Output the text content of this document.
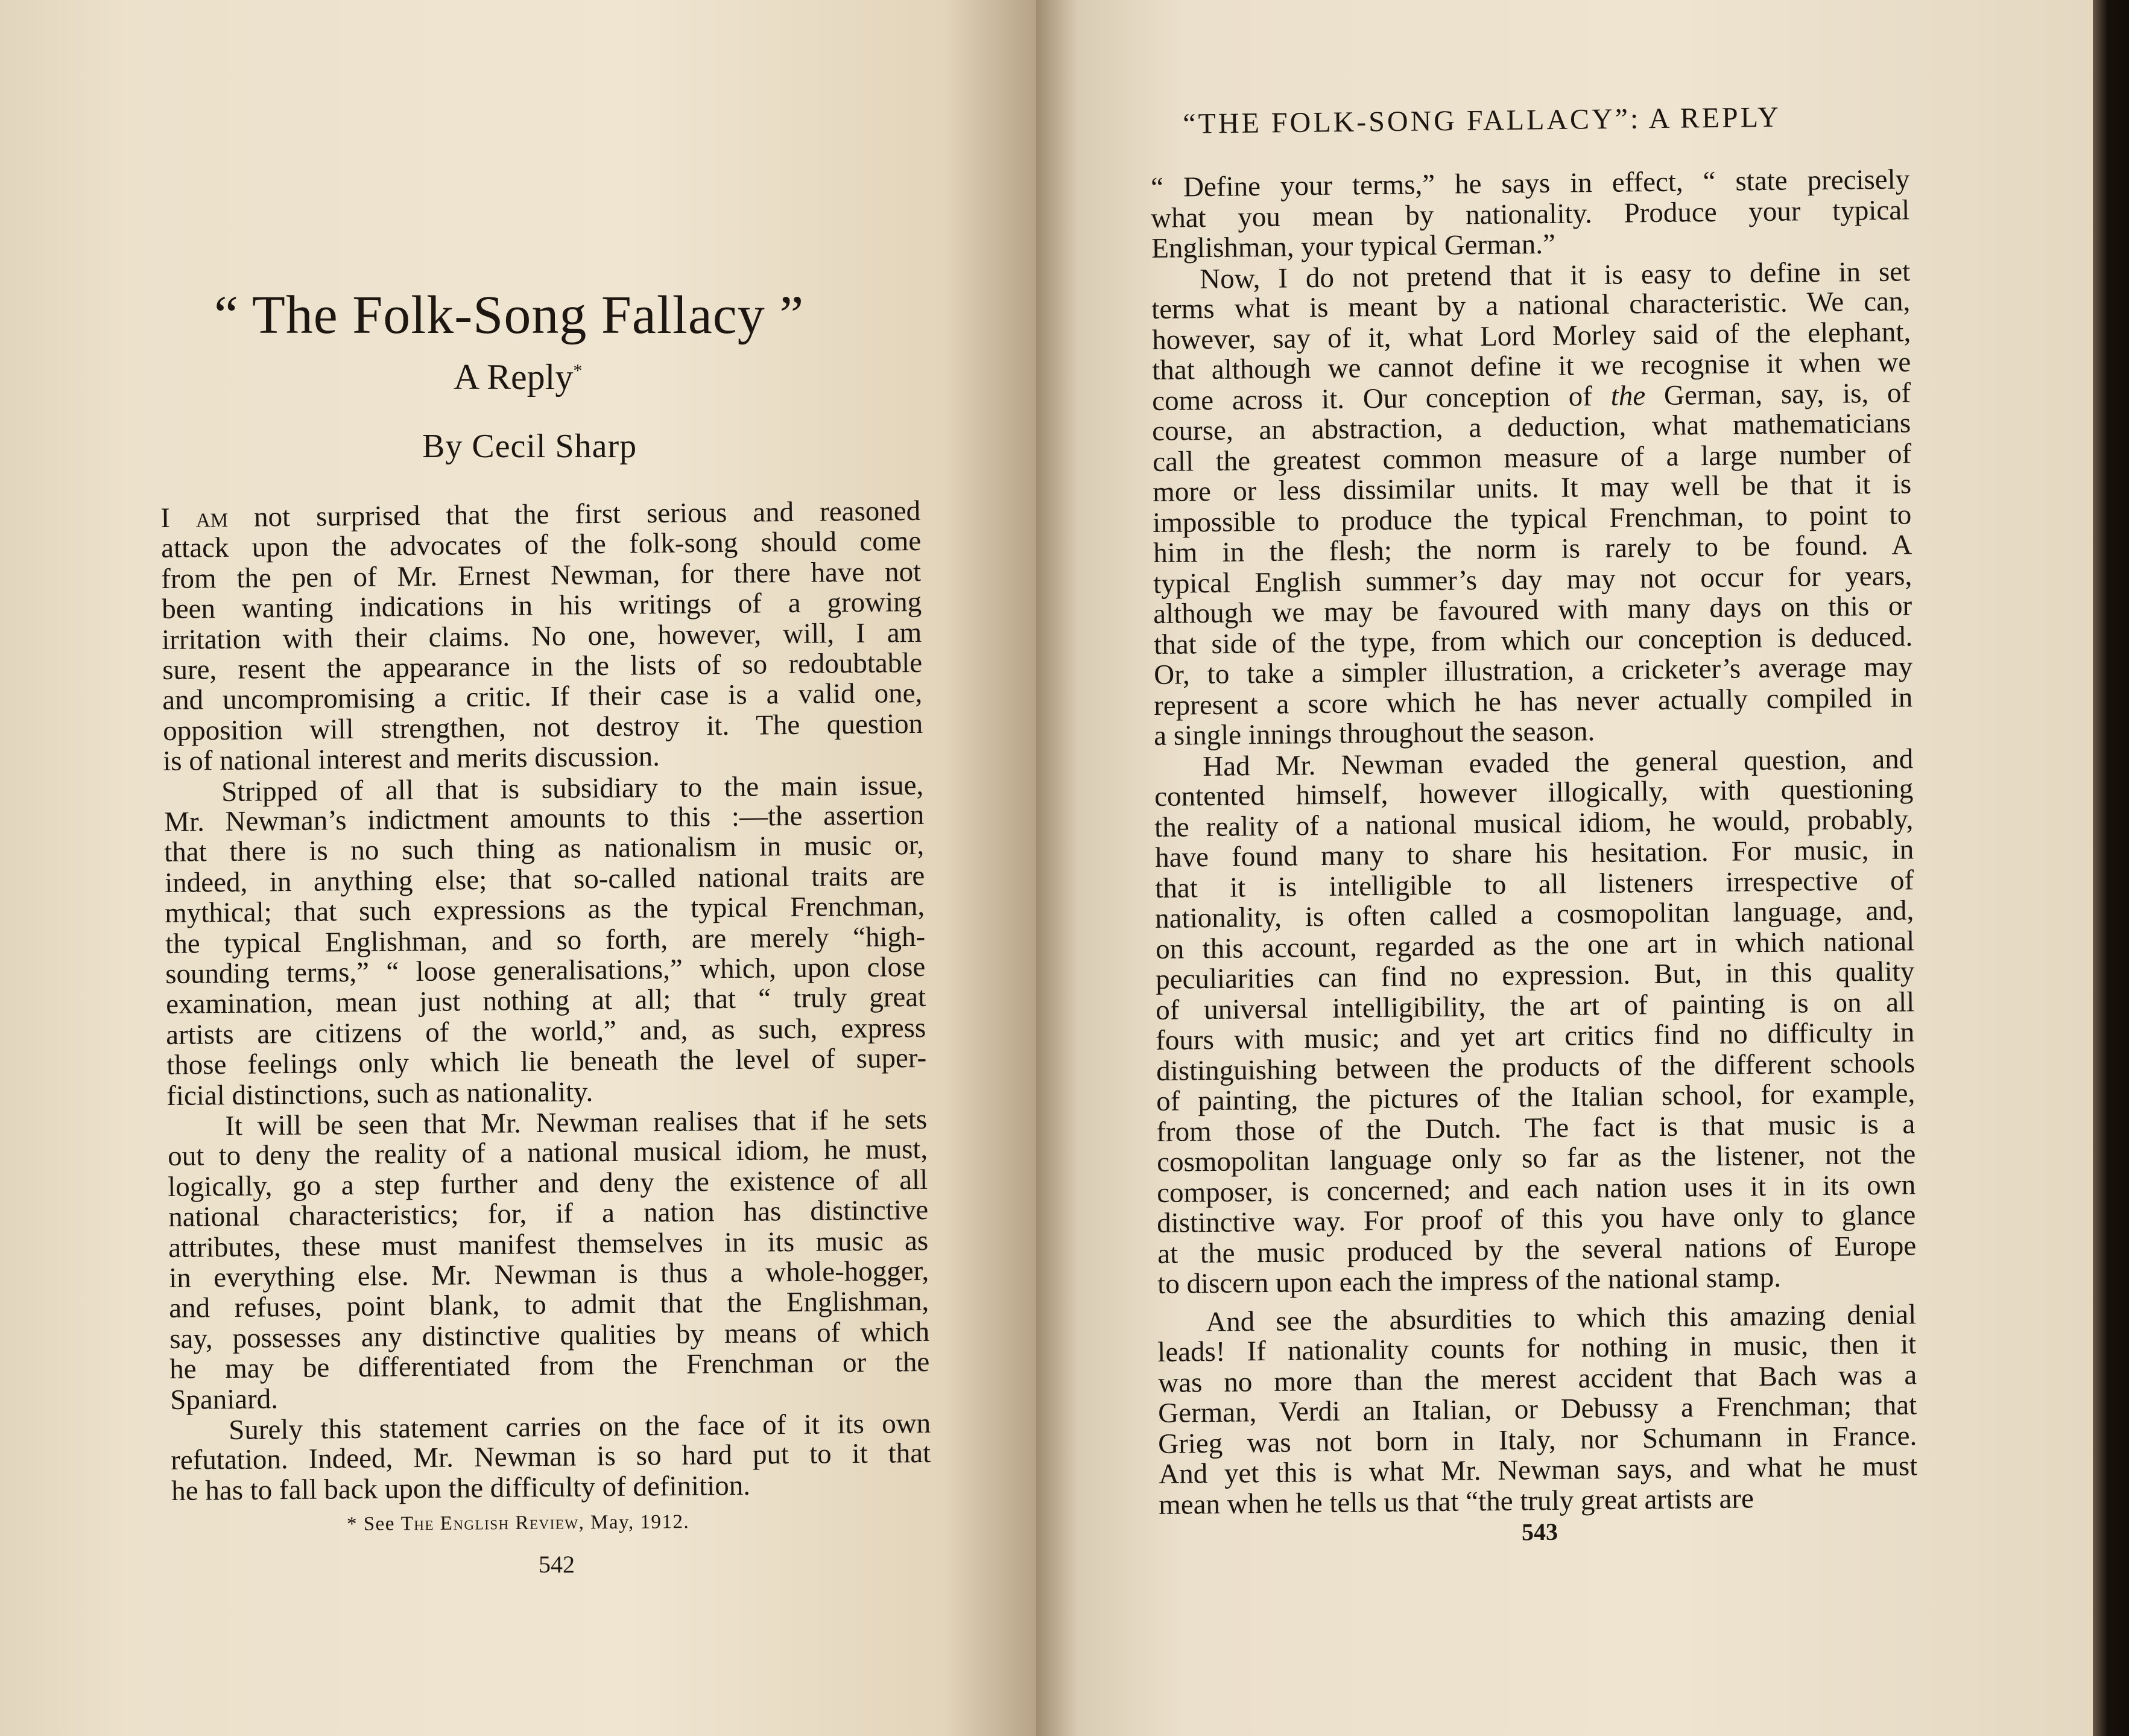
“ The Folk-Song Fallacy ”
A Reply*
By Cecil Sharp
I am not surprised that the first serious and reasoned
attack upon the advocates of the folk-song should come
from the pen of Mr. Ernest Newman, for there have not
been wanting indications in his writings of a growing
irritation with their claims. No one, however, will, I am
sure, resent the appearance in the lists of so redoubtable
and uncompromising a critic. If their case is a valid one,
opposition will strengthen, not destroy it. The question
is of national interest and merits discussion.
Stripped of all that is subsidiary to the main issue,
Mr. Newman’s indictment amounts to this :—the assertion
that there is no such thing as nationalism in music or,
indeed, in anything else; that so-called national traits are
mythical; that such expressions as the typical Frenchman,
the typical Englishman, and so forth, are merely “high-
sounding terms,” “ loose generalisations,” which, upon close
examination, mean just nothing at all; that “ truly great
artists are citizens of the world,” and, as such, express
those feelings only which lie beneath the level of super-
ficial distinctions, such as nationality.
It will be seen that Mr. Newman realises that if he sets
out to deny the reality of a national musical idiom, he must,
logically, go a step further and deny the existence of all
national characteristics; for, if a nation has distinctive
attributes, these must manifest themselves in its music as
in everything else. Mr. Newman is thus a whole-hogger,
and refuses, point blank, to admit that the Englishman,
say, possesses any distinctive qualities by means of which
he may be differentiated from the Frenchman or the
Spaniard.
Surely this statement carries on the face of it its own
refutation. Indeed, Mr. Newman is so hard put to it that
he has to fall back upon the difficulty of definition.
* See The English Review, May, 1912.
542
“THE FOLK-SONG FALLACY”: A REPLY
“ Define your terms,” he says in effect, “ state precisely
what you mean by nationality. Produce your typical
Englishman, your typical German.”
Now, I do not pretend that it is easy to define in set
terms what is meant by a national characteristic. We can,
however, say of it, what Lord Morley said of the elephant,
that although we cannot define it we recognise it when we
come across it. Our conception of the German, say, is, of
course, an abstraction, a deduction, what mathematicians
call the greatest common measure of a large number of
more or less dissimilar units. It may well be that it is
impossible to produce the typical Frenchman, to point to
him in the flesh; the norm is rarely to be found. A
typical English summer’s day may not occur for years,
although we may be favoured with many days on this or
that side of the type, from which our conception is deduced.
Or, to take a simpler illustration, a cricketer’s average may
represent a score which he has never actually compiled in
a single innings throughout the season.
Had Mr. Newman evaded the general question, and
contented himself, however illogically, with questioning
the reality of a national musical idiom, he would, probably,
have found many to share his hesitation. For music, in
that it is intelligible to all listeners irrespective of
nationality, is often called a cosmopolitan language, and,
on this account, regarded as the one art in which national
peculiarities can find no expression. But, in this quality
of universal intelligibility, the art of painting is on all
fours with music; and yet art critics find no difficulty in
distinguishing between the products of the different schools
of painting, the pictures of the Italian school, for example,
from those of the Dutch. The fact is that music is a
cosmopolitan language only so far as the listener, not the
composer, is concerned; and each nation uses it in its own
distinctive way. For proof of this you have only to glance
at the music produced by the several nations of Europe
to discern upon each the impress of the national stamp.
And see the absurdities to which this amazing denial
leads! If nationality counts for nothing in music, then it
was no more than the merest accident that Bach was a
German, Verdi an Italian, or Debussy a Frenchman; that
Grieg was not born in Italy, nor Schumann in France.
And yet this is what Mr. Newman says, and what he must
mean when he tells us that “the truly great artists are
543
